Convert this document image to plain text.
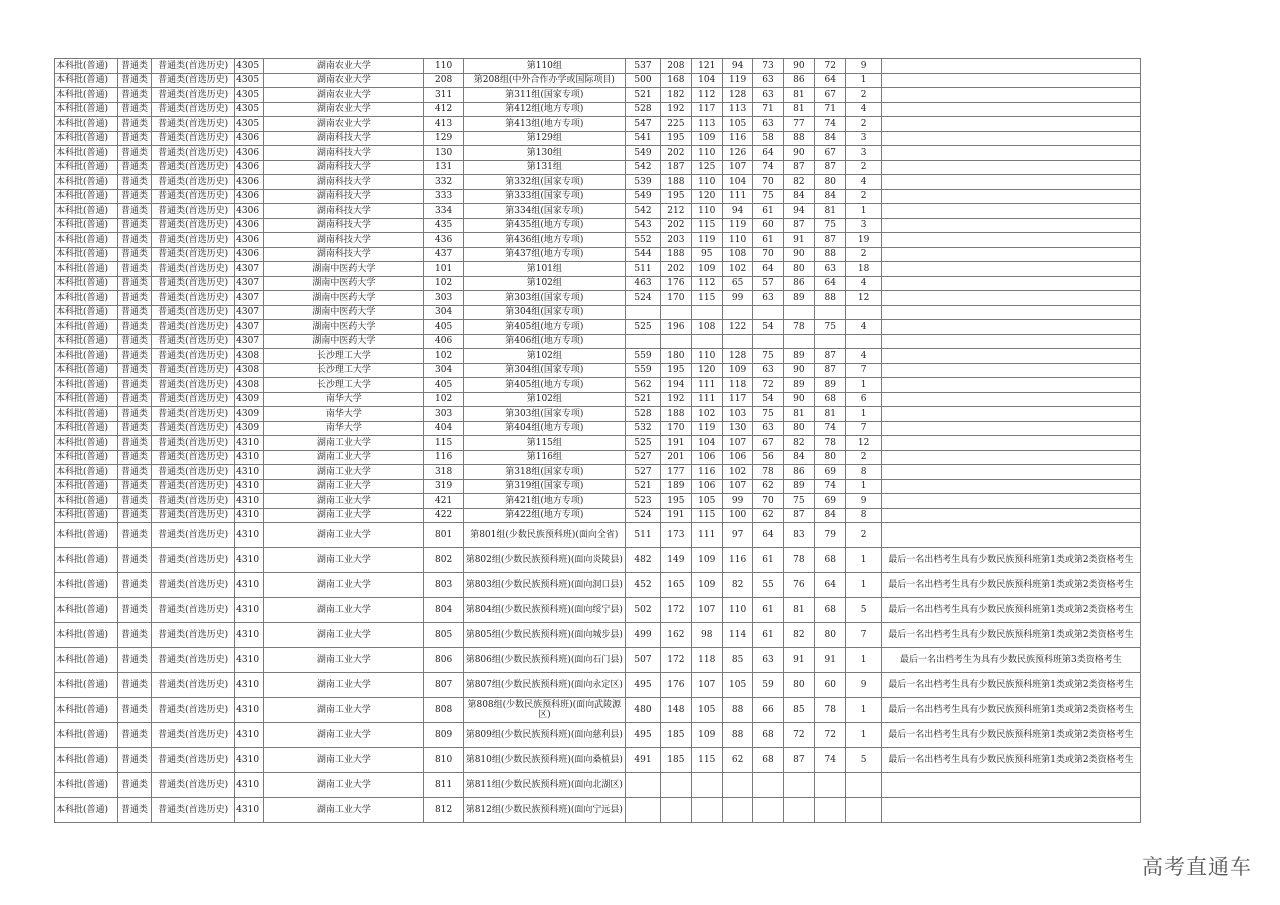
本科批(普通)	普通类	普通类(首选历史)	4305	湖南农业大学	110	第110组	537	208	121	94	73	90	72	9	
本科批(普通)	普通类	普通类(首选历史)	4305	湖南农业大学	208	第208组(中外合作办学或国际项目)	500	168	104	119	63	86	64	1	
本科批(普通)	普通类	普通类(首选历史)	4305	湖南农业大学	311	第311组(国家专项)	521	182	112	128	63	81	67	2	
本科批(普通)	普通类	普通类(首选历史)	4305	湖南农业大学	412	第412组(地方专项)	528	192	117	113	71	81	71	4	
本科批(普通)	普通类	普通类(首选历史)	4305	湖南农业大学	413	第413组(地方专项)	547	225	113	105	63	77	74	2	
本科批(普通)	普通类	普通类(首选历史)	4306	湖南科技大学	129	第129组	541	195	109	116	58	88	84	3	
本科批(普通)	普通类	普通类(首选历史)	4306	湖南科技大学	130	第130组	549	202	110	126	64	90	67	3	
本科批(普通)	普通类	普通类(首选历史)	4306	湖南科技大学	131	第131组	542	187	125	107	74	87	87	2	
本科批(普通)	普通类	普通类(首选历史)	4306	湖南科技大学	332	第332组(国家专项)	539	188	110	104	70	82	80	4	
本科批(普通)	普通类	普通类(首选历史)	4306	湖南科技大学	333	第333组(国家专项)	549	195	120	111	75	84	84	2	
本科批(普通)	普通类	普通类(首选历史)	4306	湖南科技大学	334	第334组(国家专项)	542	212	110	94	61	94	81	1	
本科批(普通)	普通类	普通类(首选历史)	4306	湖南科技大学	435	第435组(地方专项)	543	202	115	119	60	87	75	3	
本科批(普通)	普通类	普通类(首选历史)	4306	湖南科技大学	436	第436组(地方专项)	552	203	119	110	61	91	87	19	
本科批(普通)	普通类	普通类(首选历史)	4306	湖南科技大学	437	第437组(地方专项)	544	188	95	108	70	90	88	2	
本科批(普通)	普通类	普通类(首选历史)	4307	湖南中医药大学	101	第101组	511	202	109	102	64	80	63	18	
本科批(普通)	普通类	普通类(首选历史)	4307	湖南中医药大学	102	第102组	463	176	112	65	57	86	64	4	
本科批(普通)	普通类	普通类(首选历史)	4307	湖南中医药大学	303	第303组(国家专项)	524	170	115	99	63	89	88	12	
本科批(普通)	普通类	普通类(首选历史)	4307	湖南中医药大学	304	第304组(国家专项)									
本科批(普通)	普通类	普通类(首选历史)	4307	湖南中医药大学	405	第405组(地方专项)	525	196	108	122	54	78	75	4	
本科批(普通)	普通类	普通类(首选历史)	4307	湖南中医药大学	406	第406组(地方专项)									
本科批(普通)	普通类	普通类(首选历史)	4308	长沙理工大学	102	第102组	559	180	110	128	75	89	87	4	
本科批(普通)	普通类	普通类(首选历史)	4308	长沙理工大学	304	第304组(国家专项)	559	195	120	109	63	90	87	7	
本科批(普通)	普通类	普通类(首选历史)	4308	长沙理工大学	405	第405组(地方专项)	562	194	111	118	72	89	89	1	
本科批(普通)	普通类	普通类(首选历史)	4309	南华大学	102	第102组	521	192	111	117	54	90	68	6	
本科批(普通)	普通类	普通类(首选历史)	4309	南华大学	303	第303组(国家专项)	528	188	102	103	75	81	81	1	
本科批(普通)	普通类	普通类(首选历史)	4309	南华大学	404	第404组(地方专项)	532	170	119	130	63	80	74	7	
本科批(普通)	普通类	普通类(首选历史)	4310	湖南工业大学	115	第115组	525	191	104	107	67	82	78	12	
本科批(普通)	普通类	普通类(首选历史)	4310	湖南工业大学	116	第116组	527	201	106	106	56	84	80	2	
本科批(普通)	普通类	普通类(首选历史)	4310	湖南工业大学	318	第318组(国家专项)	527	177	116	102	78	86	69	8	
本科批(普通)	普通类	普通类(首选历史)	4310	湖南工业大学	319	第319组(国家专项)	521	189	106	107	62	89	74	1	
本科批(普通)	普通类	普通类(首选历史)	4310	湖南工业大学	421	第421组(地方专项)	523	195	105	99	70	75	69	9	
本科批(普通)	普通类	普通类(首选历史)	4310	湖南工业大学	422	第422组(地方专项)	524	191	115	100	62	87	84	8	
本科批(普通)	普通类	普通类(首选历史)	4310	湖南工业大学	801	第801组(少数民族预科班)(面向全省)	511	173	111	97	64	83	79	2	
本科批(普通)	普通类	普通类(首选历史)	4310	湖南工业大学	802	第802组(少数民族预科班)(面向炎陵县)	482	149	109	116	61	78	68	1	最后一名出档考生具有少数民族预科班第1类或第2类资格考生
本科批(普通)	普通类	普通类(首选历史)	4310	湖南工业大学	803	第803组(少数民族预科班)(面向洞口县)	452	165	109	82	55	76	64	1	最后一名出档考生具有少数民族预科班第1类或第2类资格考生
本科批(普通)	普通类	普通类(首选历史)	4310	湖南工业大学	804	第804组(少数民族预科班)(面向绥宁县)	502	172	107	110	61	81	68	5	最后一名出档考生具有少数民族预科班第1类或第2类资格考生
本科批(普通)	普通类	普通类(首选历史)	4310	湖南工业大学	805	第805组(少数民族预科班)(面向城步县)	499	162	98	114	61	82	80	7	最后一名出档考生具有少数民族预科班第1类或第2类资格考生
本科批(普通)	普通类	普通类(首选历史)	4310	湖南工业大学	806	第806组(少数民族预科班)(面向石门县)	507	172	118	85	63	91	91	1	最后一名出档考生为具有少数民族预科班第3类资格考生
本科批(普通)	普通类	普通类(首选历史)	4310	湖南工业大学	807	第807组(少数民族预科班)(面向永定区)	495	176	107	105	59	80	60	9	最后一名出档考生具有少数民族预科班第1类或第2类资格考生
本科批(普通)	普通类	普通类(首选历史)	4310	湖南工业大学	808	第808组(少数民族预科班)(面向武陵源区)	480	148	105	88	66	85	78	1	最后一名出档考生具有少数民族预科班第1类或第2类资格考生
本科批(普通)	普通类	普通类(首选历史)	4310	湖南工业大学	809	第809组(少数民族预科班)(面向慈利县)	495	185	109	88	68	72	72	1	最后一名出档考生具有少数民族预科班第1类或第2类资格考生
本科批(普通)	普通类	普通类(首选历史)	4310	湖南工业大学	810	第810组(少数民族预科班)(面向桑植县)	491	185	115	62	68	87	74	5	最后一名出档考生具有少数民族预科班第1类或第2类资格考生
本科批(普通)	普通类	普通类(首选历史)	4310	湖南工业大学	811	第811组(少数民族预科班)(面向北湖区)									
本科批(普通)	普通类	普通类(首选历史)	4310	湖南工业大学	812	第812组(少数民族预科班)(面向宁远县)									
高考直通车
